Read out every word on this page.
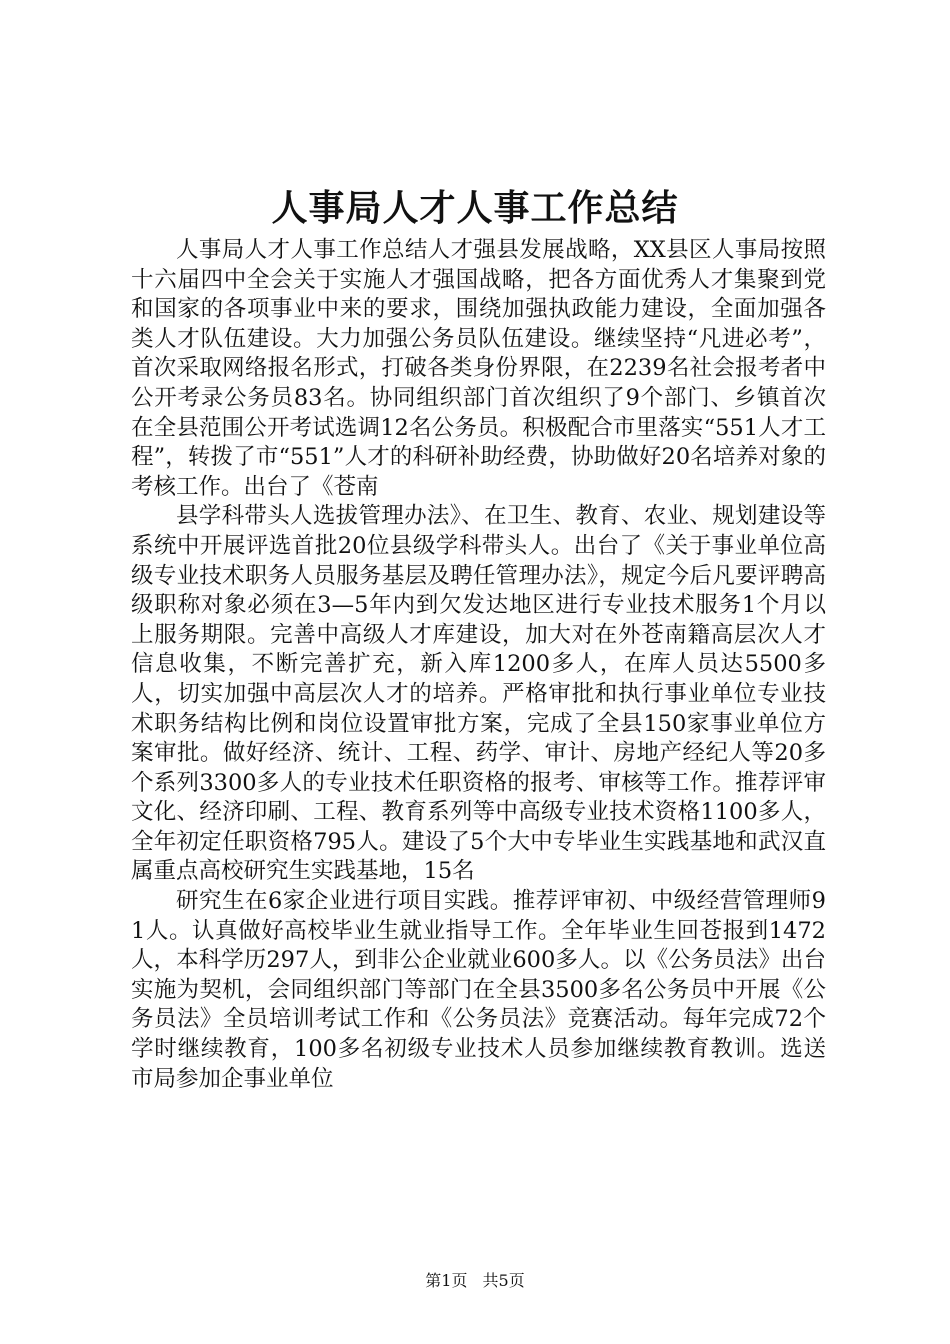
人事局人才人事工作总结

人事局人才人事工作总结人才强县发展战略，XX县区人事局按照十六届四中全会关于实施人才强国战略，把各方面优秀人才集聚到党和国家的各项事业中来的要求，围绕加强执政能力建设，全面加强各类人才队伍建设。大力加强公务员队伍建设。继续坚持“凡进必考”，首次采取网络报名形式，打破各类身份界限，在2239名社会报考者中公开考录公务员83名。协同组织部门首次组织了9个部门、乡镇首次在全县范围公开考试选调12名公务员。积极配合市里落实“551人才工程”，转拨了市“551”人才的科研补助经费，协助做好20名培养对象的考核工作。出台了《苍南

县学科带头人选拔管理办法》、在卫生、教育、农业、规划建设等系统中开展评选首批20位县级学科带头人。出台了《关于事业单位高级专业技术职务人员服务基层及聘任管理办法》，规定今后凡要评聘高级职称对象必须在3—5年内到欠发达地区进行专业技术服务1个月以上服务期限。完善中高级人才库建设，加大对在外苍南籍高层次人才信息收集，不断完善扩充，新入库1200多人，在库人员达5500多人，切实加强中高层次人才的培养。严格审批和执行事业单位专业技术职务结构比例和岗位设置审批方案，完成了全县150家事业单位方案审批。做好经济、统计、工程、药学、审计、房地产经纪人等20多个系列3300多人的专业技术任职资格的报考、审核等工作。推荐评审文化、经济印刷、工程、教育系列等中高级专业技术资格1100多人，全年初定任职资格795人。建设了5个大中专毕业生实践基地和武汉直属重点高校研究生实践基地，15名

研究生在6家企业进行项目实践。推荐评审初、中级经营管理师91人。认真做好高校毕业生就业指导工作。全年毕业生回苍报到1472人，本科学历297人，到非公企业就业600多人。以《公务员法》出台实施为契机，会同组织部门等部门在全县3500多名公务员中开展《公务员法》全员培训考试工作和《公务员法》竞赛活动。每年完成72个学时继续教育，100多名初级专业技术人员参加继续教育教训。选送市局参加企事业单位

第1页 共5页
